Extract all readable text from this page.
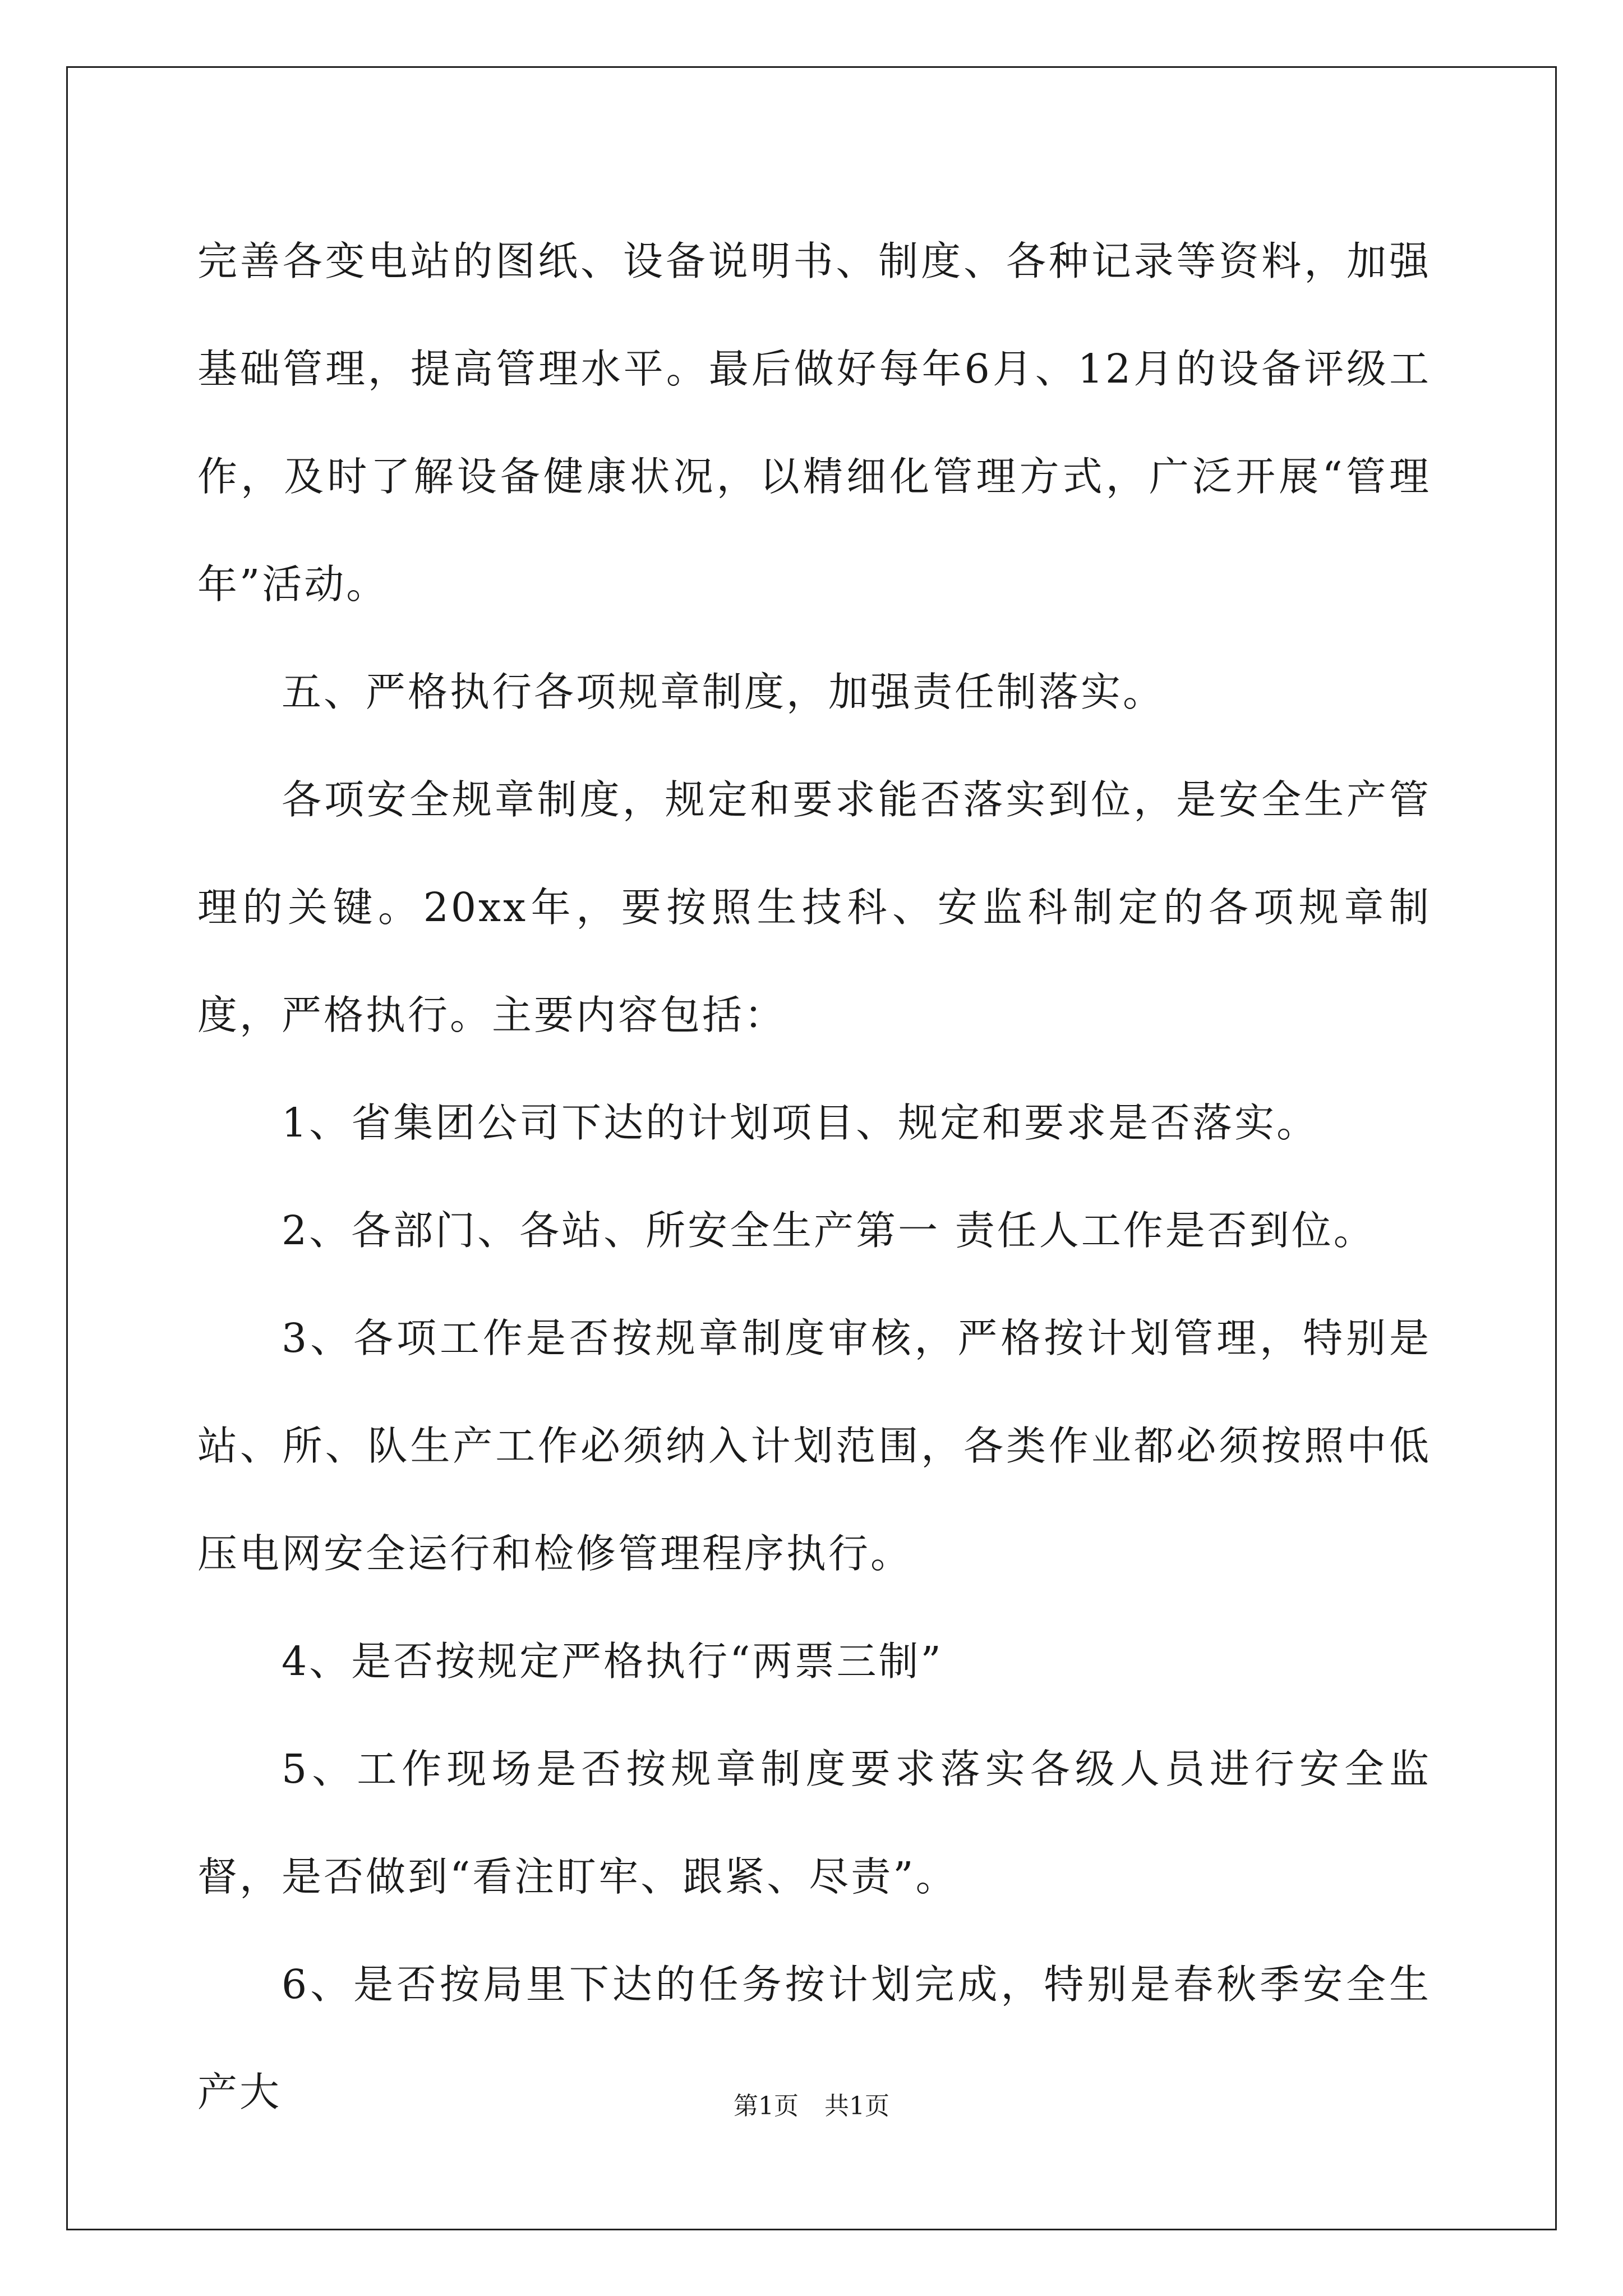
完善各变电站的图纸、设备说明书、制度、各种记录等资料，加强基础管理，提高管理水平。最后做好每年6月、12月的设备评级工作，及时了解设备健康状况，以精细化管理方式，广泛开展“管理年”活动。

五、严格执行各项规章制度，加强责任制落实。

各项安全规章制度，规定和要求能否落实到位，是安全生产管理的关键。20xx年，要按照生技科、安监科制定的各项规章制度，严格执行。主要内容包括：

1、省集团公司下达的计划项目、规定和要求是否落实。

2、各部门、各站、所安全生产第一 责任人工作是否到位。

3、各项工作是否按规章制度审核，严格按计划管理，特别是站、所、队生产工作必须纳入计划范围，各类作业都必须按照中低压电网安全运行和检修管理程序执行。

4、是否按规定严格执行“两票三制”

5、工作现场是否按规章制度要求落实各级人员进行安全监督，是否做到“看注盯牢、跟紧、尽责”。

6、是否按局里下达的任务按计划完成，特别是春秋季安全生产大	第1页 共1页
